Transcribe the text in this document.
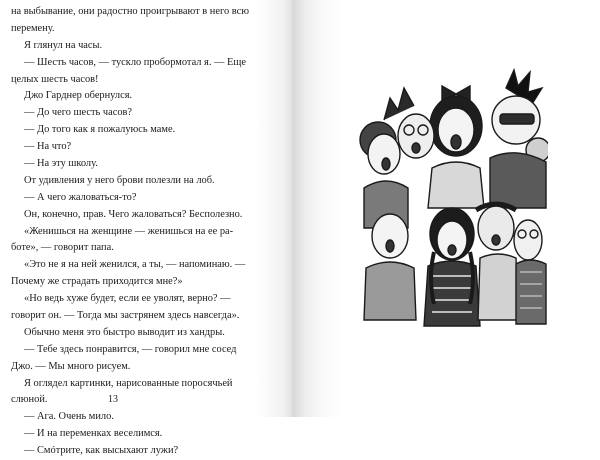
на выбывание, они радостно проигрывают в него всю
перемену.
Я глянул на часы.
— Шесть часов, — тускло пробормотал я. — Еще
целых шесть часов!
Джо Гарднер обернулся.
— До чего шесть часов?
— До того как я пожалуюсь маме.
— На что?
— На эту школу.
От удивления у него брови полезли на лоб.
— А чего жаловаться-то?
Он, конечно, прав. Чего жаловаться? Бесполезно.
«Женишься на женщине — женишься на ее ра-
боте», — говорит папа.
«Это не я на ней женился, а ты, — напоминаю. —
Почему же страдать приходится мне?»
«Но ведь хуже будет, если ее уволят, верно? —
говорит он. — Тогда мы застрянем здесь навсегда».
Обычно меня это быстро выводит из хандры.
— Тебе здесь понравится, — говорил мне сосед
Джо. — Мы много рисуем.
Я оглядел картинки, нарисованные поросячьей
слюной.
— Ага. Очень мило.
— И на переменках веселимся.
— Смóтрите, как высыхают лужи?
13
